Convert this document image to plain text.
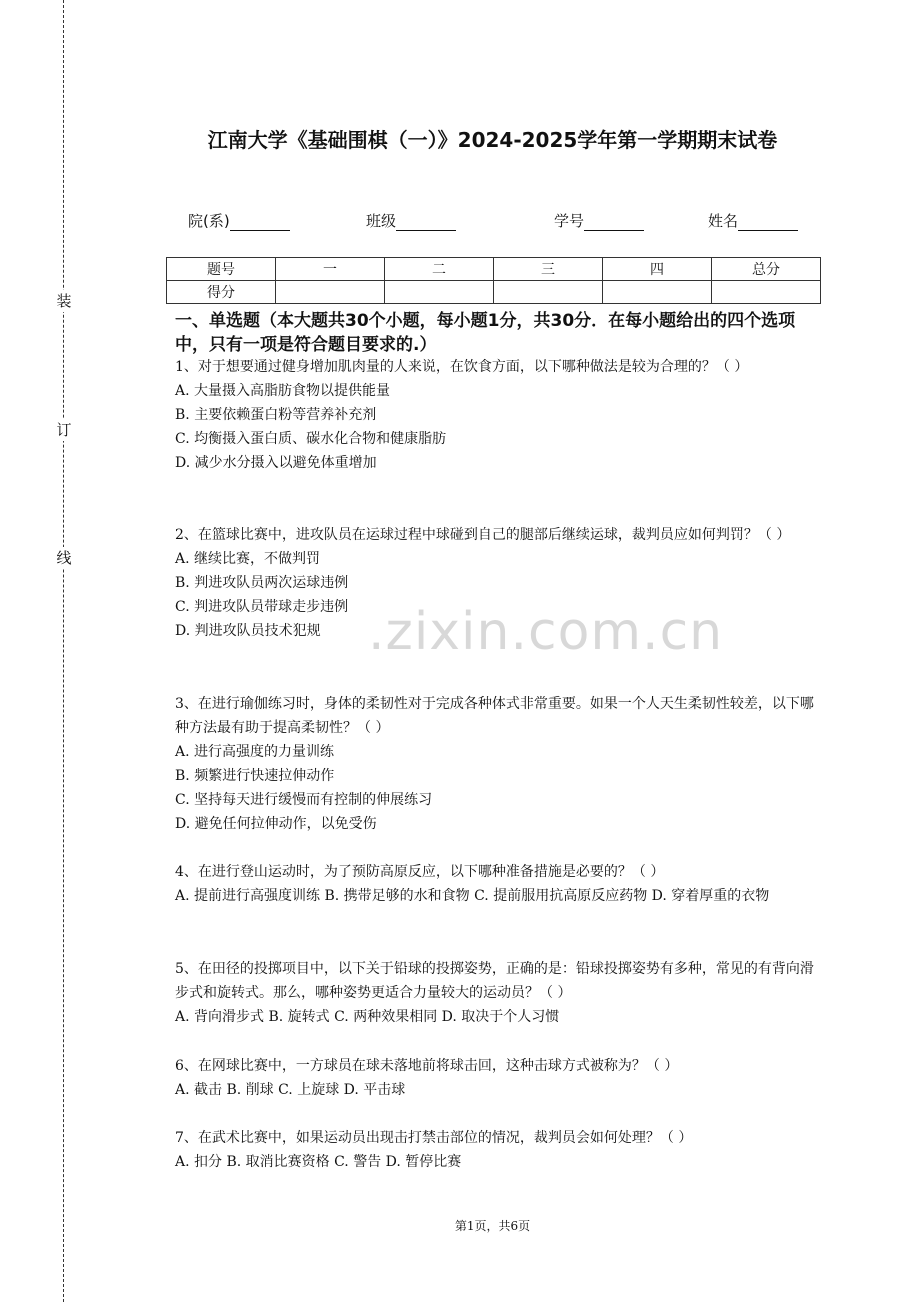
装
订
线
江南大学《基础围棋（一）》2024-2025学年第一学期期末试卷
院(系)	班级	学号	姓名
题号	一	二	三	四	总分
得分					
一、单选题（本大题共30个小题，每小题1分，共30分．在每小题给出的四个选项中，只有一项是符合题目要求的.）

1、对于想要通过健身增加肌肉量的人来说，在饮食方面，以下哪种做法是较为合理的？（ ）

A. 大量摄入高脂肪食物以提供能量

B. 主要依赖蛋白粉等营养补充剂

C. 均衡摄入蛋白质、碳水化合物和健康脂肪

D. 减少水分摄入以避免体重增加

2、在篮球比赛中，进攻队员在运球过程中球碰到自己的腿部后继续运球，裁判员应如何判罚？（ ）

A. 继续比赛，不做判罚

B. 判进攻队员两次运球违例

C. 判进攻队员带球走步违例

D. 判进攻队员技术犯规

3、在进行瑜伽练习时，身体的柔韧性对于完成各种体式非常重要。如果一个人天生柔韧性较差，以下哪种方法最有助于提高柔韧性？（ ）

A. 进行高强度的力量训练

B. 频繁进行快速拉伸动作

C. 坚持每天进行缓慢而有控制的伸展练习

D. 避免任何拉伸动作，以免受伤

4、在进行登山运动时，为了预防高原反应，以下哪种准备措施是必要的？（ ）

A. 提前进行高强度训练 B. 携带足够的水和食物 C. 提前服用抗高原反应药物 D. 穿着厚重的衣物

5、在田径的投掷项目中，以下关于铅球的投掷姿势，正确的是：铅球投掷姿势有多种，常见的有背向滑步式和旋转式。那么，哪种姿势更适合力量较大的运动员？（ ）

A. 背向滑步式 B. 旋转式 C. 两种效果相同 D. 取决于个人习惯

6、在网球比赛中，一方球员在球未落地前将球击回，这种击球方式被称为？（ ）

A. 截击 B. 削球 C. 上旋球 D. 平击球

7、在武术比赛中，如果运动员出现击打禁击部位的情况，裁判员会如何处理？（ ）

A. 扣分 B. 取消比赛资格 C. 警告 D. 暂停比赛

.zixin.com.cn
第1页，共6页
